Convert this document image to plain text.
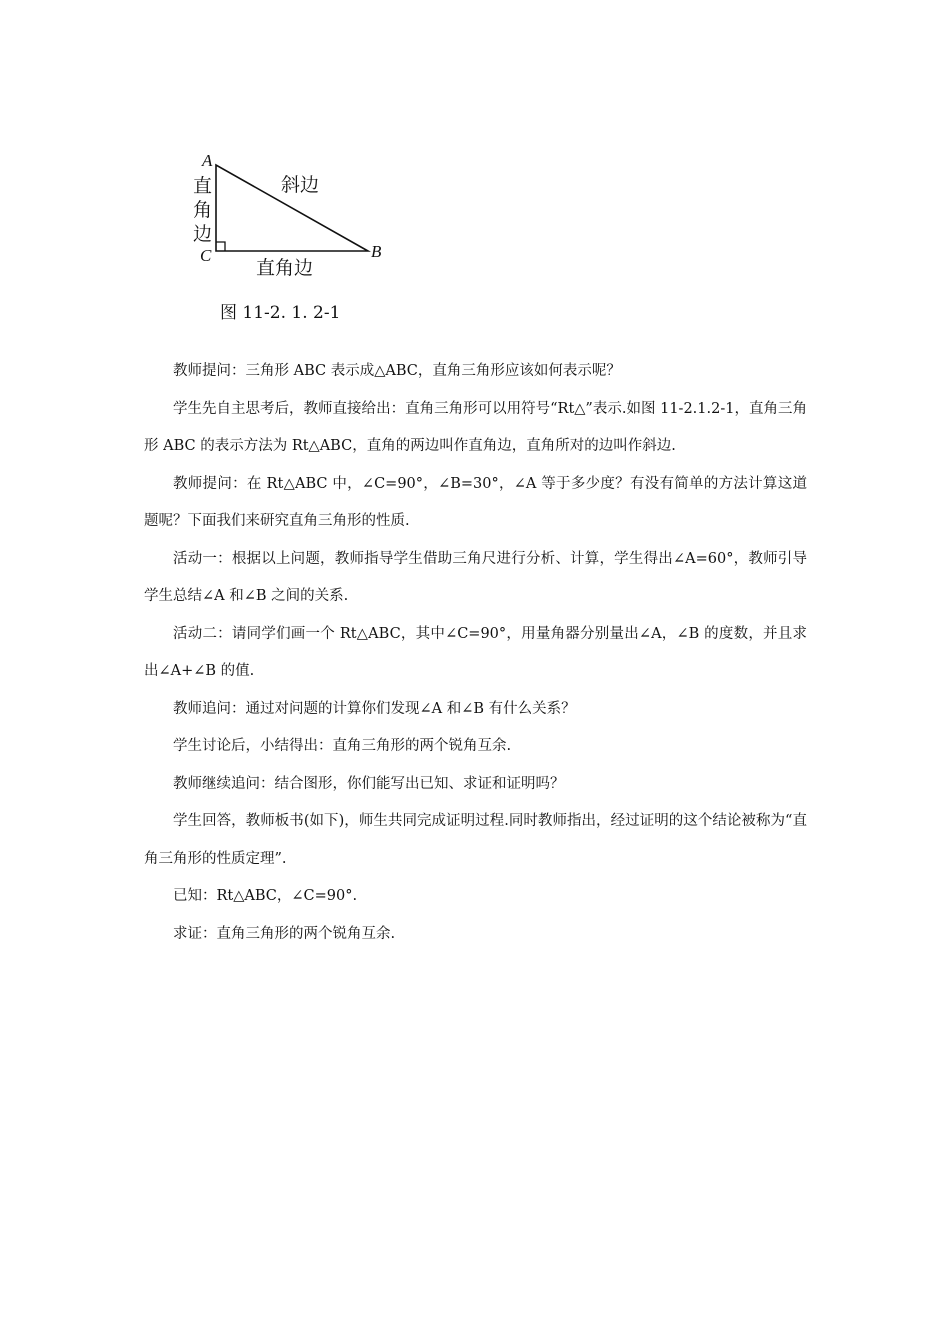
A
C	B
斜边
直
角
边
直角边
图 11-2. 1. 2-1

教师提问：三角形 ABC 表示成△ABC，直角三角形应该如何表示呢？

学生先自主思考后，教师直接给出：直角三角形可以用符号“Rt△”表示.如图 11-2.1.2-1，直角三角形 ABC 的表示方法为 Rt△ABC，直角的两边叫作直角边，直角所对的边叫作斜边.

教师提问：在 Rt△ABC 中，∠C=90°，∠B=30°，∠A 等于多少度？有没有简单的方法计算这道题呢？下面我们来研究直角三角形的性质.

活动一：根据以上问题，教师指导学生借助三角尺进行分析、计算，学生得出∠A=60°，教师引导学生总结∠A 和∠B 之间的关系.

活动二：请同学们画一个 Rt△ABC，其中∠C=90°，用量角器分别量出∠A，∠B 的度数，并且求出∠A+∠B 的值.

教师追问：通过对问题的计算你们发现∠A 和∠B 有什么关系？

学生讨论后，小结得出：直角三角形的两个锐角互余.

教师继续追问：结合图形，你们能写出已知、求证和证明吗？

学生回答，教师板书(如下)，师生共同完成证明过程.同时教师指出，经过证明的这个结论被称为“直角三角形的性质定理”.

已知：Rt△ABC，∠C=90°.

求证：直角三角形的两个锐角互余.
